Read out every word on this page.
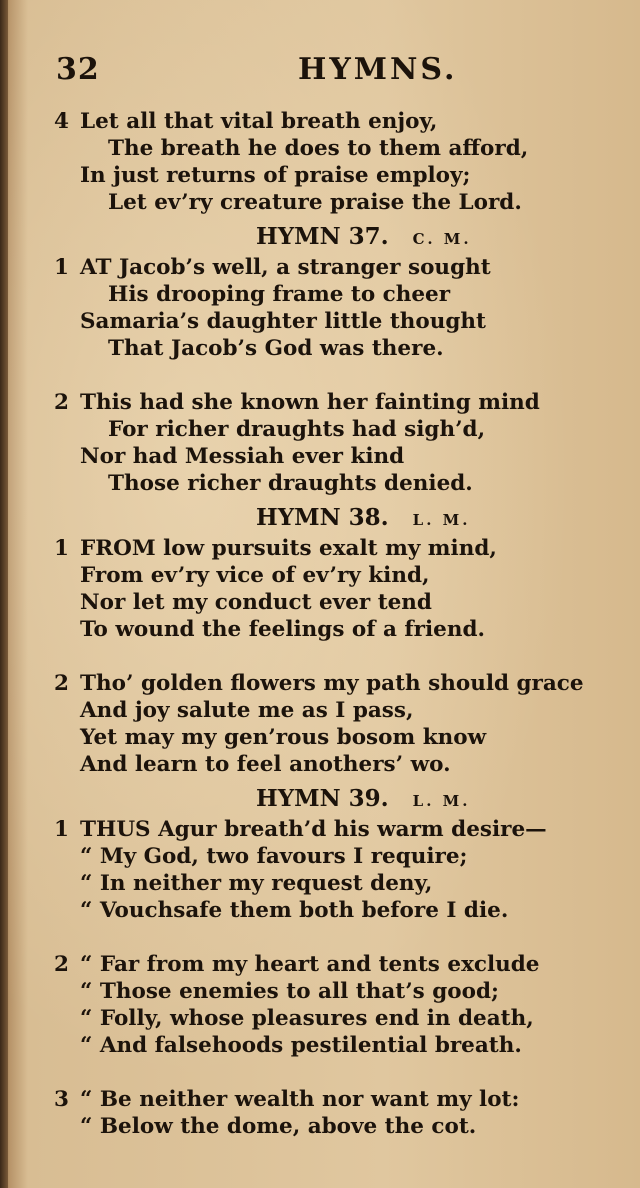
32	HYMNS.
4 Let all that vital breath enjoy,
The breath he does to them afford,
In just returns of praise employ;
Let ev’ry creature praise the Lord.
HYMN 37. C. M.
1 AT Jacob’s well, a stranger sought
His drooping frame to cheer
Samaria’s daughter little thought
That Jacob’s God was there.
2 This had she known her fainting mind
For richer draughts had sigh’d,
Nor had Messiah ever kind
Those richer draughts denied.
HYMN 38. L. M.
1 FROM low pursuits exalt my mind,
From ev’ry vice of ev’ry kind,
Nor let my conduct ever tend
To wound the feelings of a friend.
2 Tho’ golden flowers my path should grace
And joy salute me as I pass,
Yet may my gen’rous bosom know
And learn to feel anothers’ wo.
HYMN 39. L. M.
1 THUS Agur breath’d his warm desire—
“ My God, two favours I require;
“ In neither my request deny,
“ Vouchsafe them both before I die.
2 “ Far from my heart and tents exclude
“ Those enemies to all that’s good;
“ Folly, whose pleasures end in death,
“ And falsehoods pestilential breath.
3 “ Be neither wealth nor want my lot:
“ Below the dome, above the cot.
